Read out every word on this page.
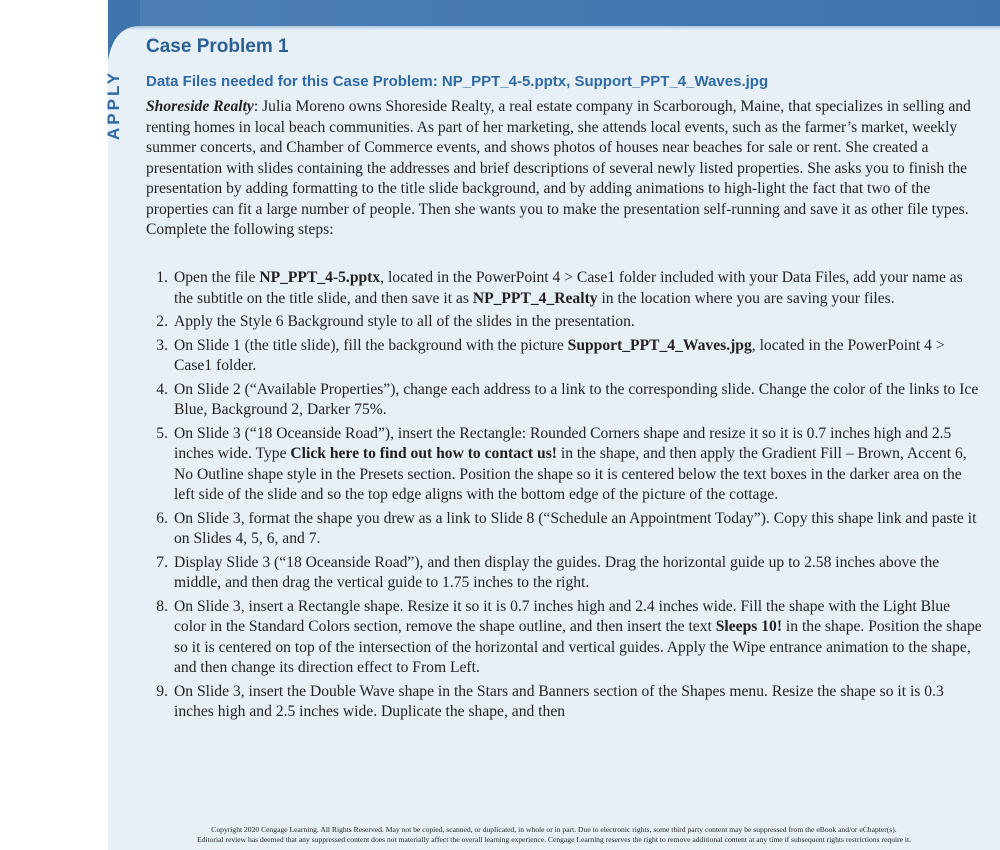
APPLY
Case Problem 1
Data Files needed for this Case Problem: NP_PPT_4-5.pptx, Support_PPT_4_Waves.jpg
Shoreside Realty: Julia Moreno owns Shoreside Realty, a real estate company in Scarborough, Maine, that specializes in selling and renting homes in local beach communities. As part of her marketing, she attends local events, such as the farmer’s market, weekly summer concerts, and Chamber of Commerce events, and shows photos of houses near beaches for sale or rent. She created a presentation with slides containing the addresses and brief descriptions of several newly listed properties. She asks you to finish the presentation by adding formatting to the title slide background, and by adding animations to high-light the fact that two of the properties can fit a large number of people. Then she wants you to make the presentation self-running and save it as other file types. Complete the following steps:
1. Open the file NP_PPT_4-5.pptx, located in the PowerPoint 4 > Case1 folder included with your Data Files, add your name as the subtitle on the title slide, and then save it as NP_PPT_4_Realty in the location where you are saving your files.
2. Apply the Style 6 Background style to all of the slides in the presentation.
3. On Slide 1 (the title slide), fill the background with the picture Support_PPT_4_Waves.jpg, located in the PowerPoint 4 > Case1 folder.
4. On Slide 2 (“Available Properties”), change each address to a link to the corresponding slide. Change the color of the links to Ice Blue, Background 2, Darker 75%.
5. On Slide 3 (“18 Oceanside Road”), insert the Rectangle: Rounded Corners shape and resize it so it is 0.7 inches high and 2.5 inches wide. Type Click here to find out how to contact us! in the shape, and then apply the Gradient Fill – Brown, Accent 6, No Outline shape style in the Presets section. Position the shape so it is centered below the text boxes in the darker area on the left side of the slide and so the top edge aligns with the bottom edge of the picture of the cottage.
6. On Slide 3, format the shape you drew as a link to Slide 8 (“Schedule an Appointment Today”). Copy this shape link and paste it on Slides 4, 5, 6, and 7.
7. Display Slide 3 (“18 Oceanside Road”), and then display the guides. Drag the horizontal guide up to 2.58 inches above the middle, and then drag the vertical guide to 1.75 inches to the right.
8. On Slide 3, insert a Rectangle shape. Resize it so it is 0.7 inches high and 2.4 inches wide. Fill the shape with the Light Blue color in the Standard Colors section, remove the shape outline, and then insert the text Sleeps 10! in the shape. Position the shape so it is centered on top of the intersection of the horizontal and vertical guides. Apply the Wipe entrance animation to the shape, and then change its direction effect to From Left.
9. On Slide 3, insert the Double Wave shape in the Stars and Banners section of the Shapes menu. Resize the shape so it is 0.3 inches high and 2.5 inches wide. Duplicate the shape, and then
Copyright 2020 Cengage Learning. All Rights Reserved. May not be copied, scanned, or duplicated, in whole or in part. Due to electronic rights, some third party content may be suppressed from the eBook and/or eChapter(s).
Editorial review has deemed that any suppressed content does not materially affect the overall learning experience. Cengage Learning reserves the right to remove additional content at any time if subsequent rights restrictions require it.
